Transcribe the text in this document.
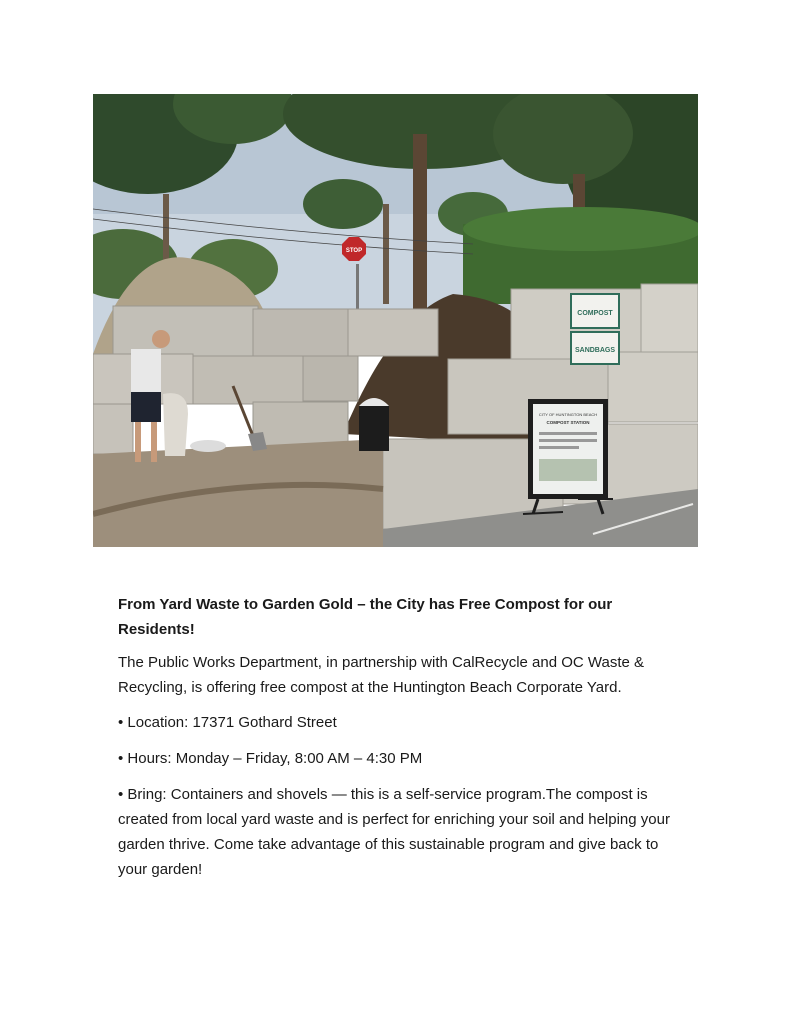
STOP
COMPOST
SANDBAGS
CITY OF HUNTINGTON BEACH
COMPOST STATION

From Yard Waste to Garden Gold – the City has Free Compost for our Residents!

The Public Works Department, in partnership with CalRecycle and OC Waste & Recycling, is offering free compost at the Huntington Beach Corporate Yard.

• Location: 17371 Gothard Street

• Hours: Monday – Friday, 8:00 AM – 4:30 PM

• Bring: Containers and shovels — this is a self-service program.The compost is created from local yard waste and is perfect for enriching your soil and helping your garden thrive. Come take advantage of this sustainable program and give back to your garden!
